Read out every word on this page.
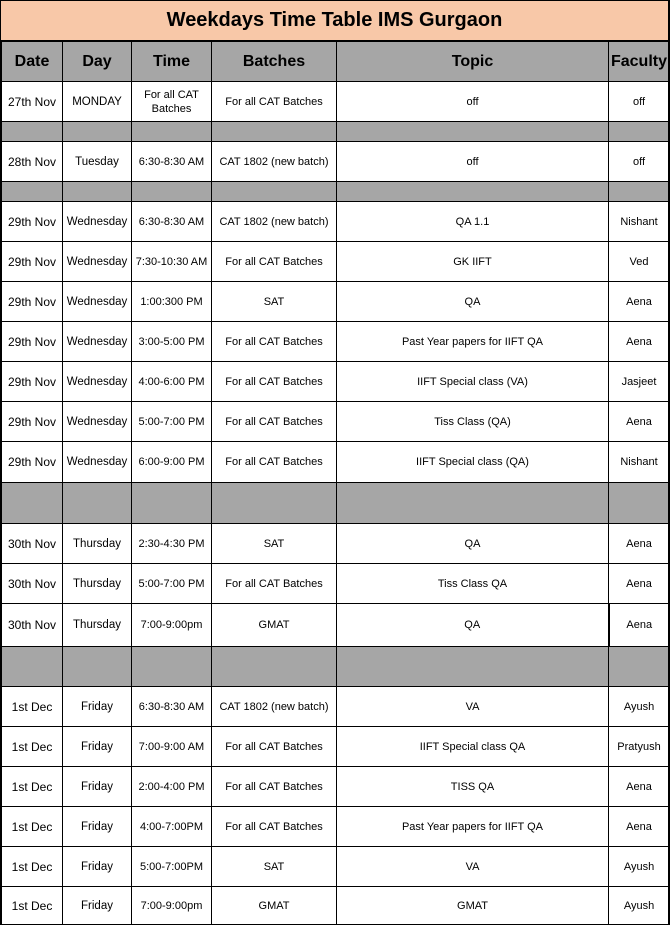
Weekdays Time Table IMS Gurgaon
Date	Day	Time	Batches	Topic	Faculty
27th Nov	MONDAY	For all CAT Batches	For all CAT Batches	off	off

28th Nov	Tuesday	6:30-8:30 AM	CAT 1802 (new batch)	off	off

29th Nov	Wednesday	6:30-8:30 AM	CAT 1802 (new batch)	QA 1.1	Nishant
29th Nov	Wednesday	7:30-10:30 AM	For all CAT Batches	GK IIFT	Ved
29th Nov	Wednesday	1:00:300 PM	SAT	QA	Aena
29th Nov	Wednesday	3:00-5:00 PM	For all CAT Batches	Past Year papers for IIFT QA	Aena
29th Nov	Wednesday	4:00-6:00 PM	For all CAT Batches	IIFT Special class (VA)	Jasjeet
29th Nov	Wednesday	5:00-7:00 PM	For all CAT Batches	Tiss Class (QA)	Aena
29th Nov	Wednesday	6:00-9:00 PM	For all CAT Batches	IIFT Special class (QA)	Nishant

30th Nov	Thursday	2:30-4:30 PM	SAT	QA	Aena
30th Nov	Thursday	5:00-7:00 PM	For all CAT Batches	Tiss Class QA	Aena
30th Nov	Thursday	7:00-9:00pm	GMAT	QA	Aena

1st Dec	Friday	6:30-8:30 AM	CAT 1802 (new batch)	VA	Ayush
1st Dec	Friday	7:00-9:00 AM	For all CAT Batches	IIFT Special class QA	Pratyush
1st Dec	Friday	2:00-4:00 PM	For all CAT Batches	TISS QA	Aena
1st Dec	Friday	4:00-7:00PM	For all CAT Batches	Past Year papers for IIFT QA	Aena
1st Dec	Friday	5:00-7:00PM	SAT	VA	Ayush
1st Dec	Friday	7:00-9:00pm	GMAT	GMAT	Ayush
